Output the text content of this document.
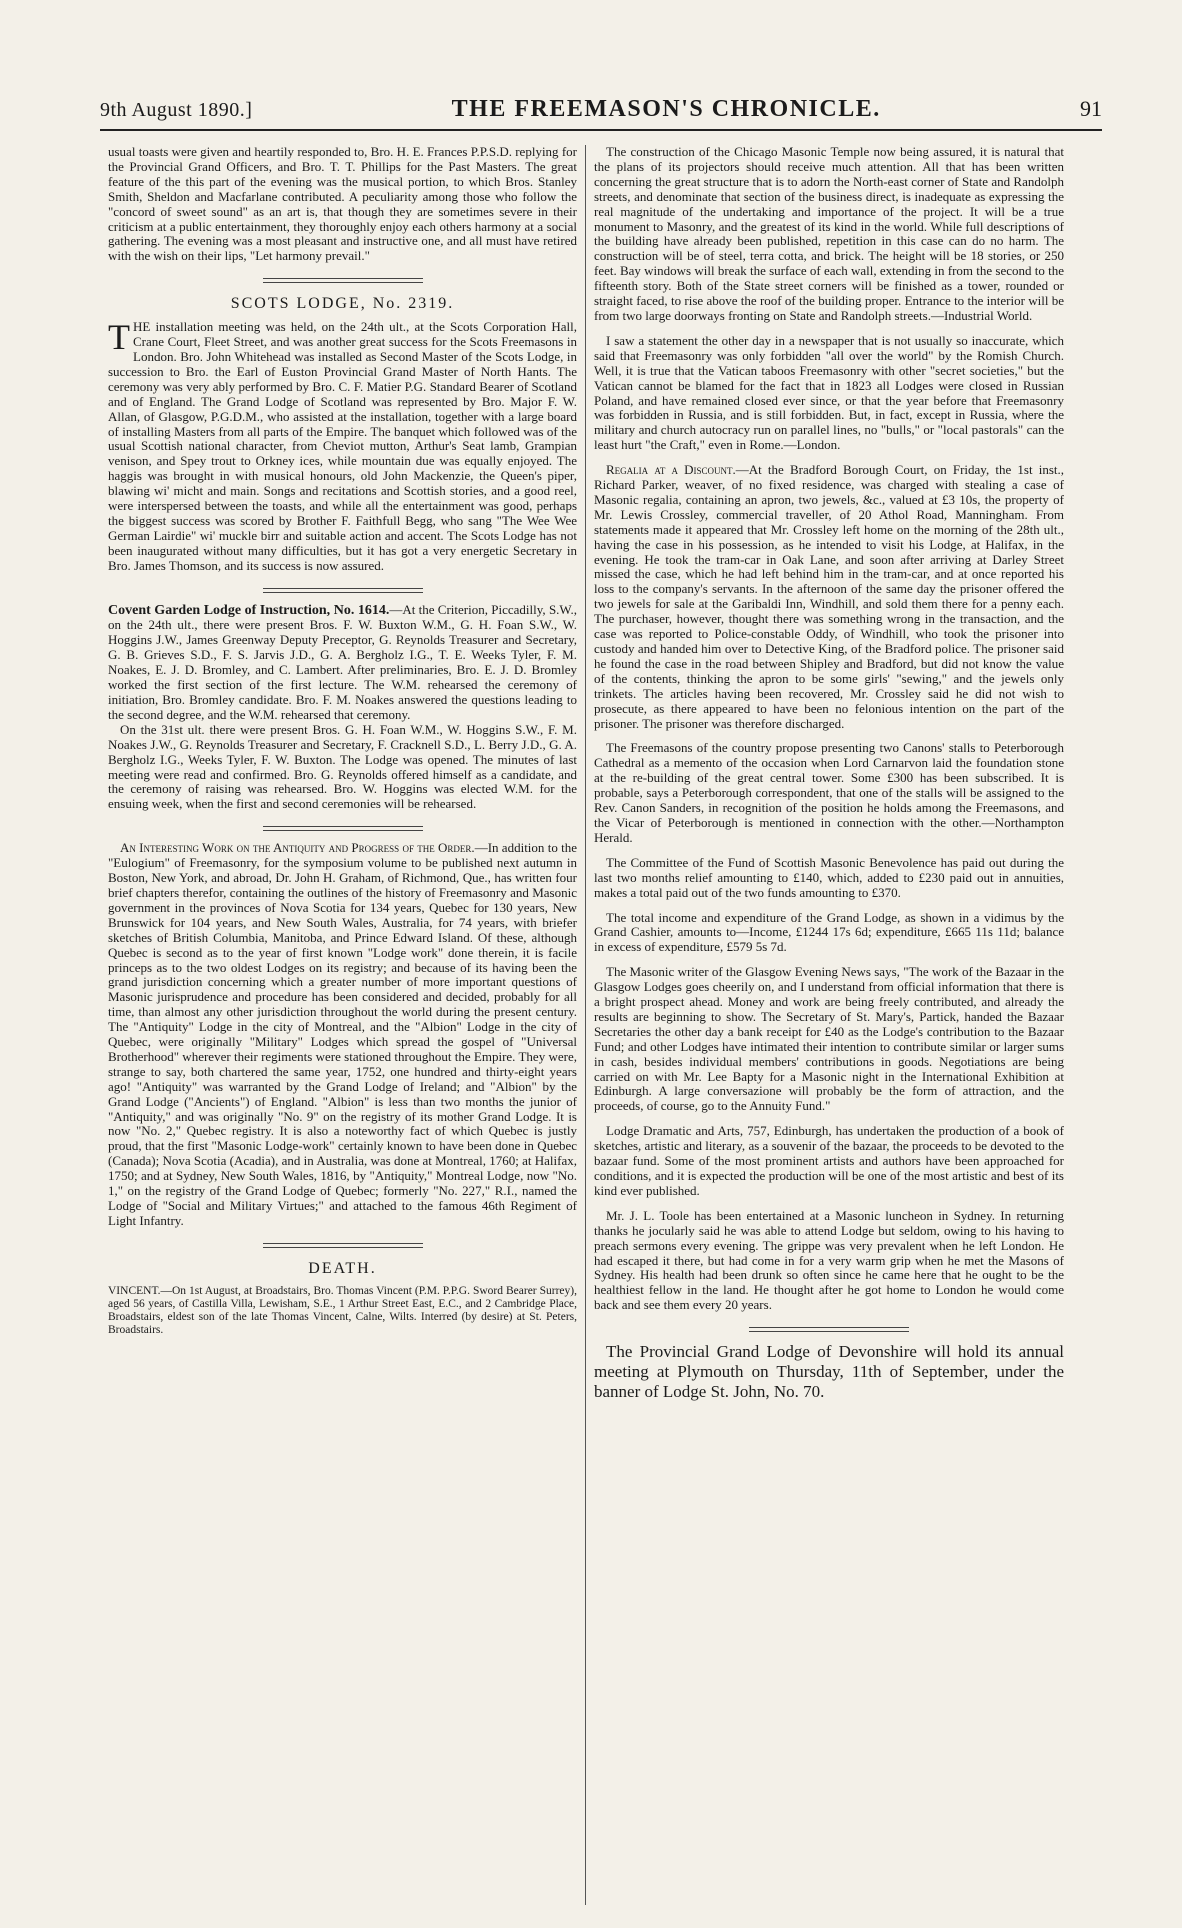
9th August 1890.]	THE FREEMASON'S CHRONICLE.	91

usual toasts were given and heartily responded to, Bro. H. E. Frances P.P.S.D. replying for the Provincial Grand Officers, and Bro. T. T. Phillips for the Past Masters. The great feature of the this part of the evening was the musical portion, to which Bros. Stanley Smith, Sheldon and Macfarlane contributed. A peculiarity among those who follow the "concord of sweet sound" as an art is, that though they are sometimes severe in their criticism at a public entertainment, they thoroughly enjoy each others harmony at a social gathering. The evening was a most pleasant and instructive one, and all must have retired with the wish on their lips, "Let harmony prevail."

SCOTS LODGE, No. 2319.

THE installation meeting was held, on the 24th ult., at the Scots Corporation Hall, Crane Court, Fleet Street, and was another great success for the Scots Freemasons in London. Bro. John Whitehead was installed as Second Master of the Scots Lodge, in succession to Bro. the Earl of Euston Provincial Grand Master of North Hants. The ceremony was very ably performed by Bro. C. F. Matier P.G. Standard Bearer of Scotland and of England. The Grand Lodge of Scotland was represented by Bro. Major F. W. Allan, of Glasgow, P.G.D.M., who assisted at the installation, together with a large board of installing Masters from all parts of the Empire. The banquet which followed was of the usual Scottish national character, from Cheviot mutton, Arthur's Seat lamb, Grampian venison, and Spey trout to Orkney ices, while mountain due was equally enjoyed. The haggis was brought in with musical honours, old John Mackenzie, the Queen's piper, blawing wi' micht and main. Songs and recitations and Scottish stories, and a good reel, were interspersed between the toasts, and while all the entertainment was good, perhaps the biggest success was scored by Brother F. Faithfull Begg, who sang "The Wee Wee German Lairdie" wi' muckle birr and suitable action and accent. The Scots Lodge has not been inaugurated without many difficulties, but it has got a very energetic Secretary in Bro. James Thomson, and its success is now assured.

Covent Garden Lodge of Instruction, No. 1614.—At the Criterion, Piccadilly, S.W., on the 24th ult., there were present Bros. F. W. Buxton W.M., G. H. Foan S.W., W. Hoggins J.W., James Greenway Deputy Preceptor, G. Reynolds Treasurer and Secretary, G. B. Grieves S.D., F. S. Jarvis J.D., G. A. Bergholz I.G., T. E. Weeks Tyler, F. M. Noakes, E. J. D. Bromley, and C. Lambert. After preliminaries, Bro. E. J. D. Bromley worked the first section of the first lecture. The W.M. rehearsed the ceremony of initiation, Bro. Bromley candidate. Bro. F. M. Noakes answered the questions leading to the second degree, and the W.M. rehearsed that ceremony.

On the 31st ult. there were present Bros. G. H. Foan W.M., W. Hoggins S.W., F. M. Noakes J.W., G. Reynolds Treasurer and Secretary, F. Cracknell S.D., L. Berry J.D., G. A. Bergholz I.G., Weeks Tyler, F. W. Buxton. The Lodge was opened. The minutes of last meeting were read and confirmed. Bro. G. Reynolds offered himself as a candidate, and the ceremony of raising was rehearsed. Bro. W. Hoggins was elected W.M. for the ensuing week, when the first and second ceremonies will be rehearsed.

An Interesting Work on the Antiquity and Progress of the Order.—In addition to the "Eulogium" of Freemasonry, for the symposium volume to be published next autumn in Boston, New York, and abroad, Dr. John H. Graham, of Richmond, Que., has written four brief chapters therefor, containing the outlines of the history of Freemasonry and Masonic government in the provinces of Nova Scotia for 134 years, Quebec for 130 years, New Brunswick for 104 years, and New South Wales, Australia, for 74 years, with briefer sketches of British Columbia, Manitoba, and Prince Edward Island. Of these, although Quebec is second as to the year of first known "Lodge work" done therein, it is facile princeps as to the two oldest Lodges on its registry; and because of its having been the grand jurisdiction concerning which a greater number of more important questions of Masonic jurisprudence and procedure has been considered and decided, probably for all time, than almost any other jurisdiction throughout the world during the present century. The "Antiquity" Lodge in the city of Montreal, and the "Albion" Lodge in the city of Quebec, were originally "Military" Lodges which spread the gospel of "Universal Brotherhood" wherever their regiments were stationed throughout the Empire. They were, strange to say, both chartered the same year, 1752, one hundred and thirty-eight years ago! "Antiquity" was warranted by the Grand Lodge of Ireland; and "Albion" by the Grand Lodge ("Ancients") of England. "Albion" is less than two months the junior of "Antiquity," and was originally "No. 9" on the registry of its mother Grand Lodge. It is now "No. 2," Quebec registry. It is also a noteworthy fact of which Quebec is justly proud, that the first "Masonic Lodge-work" certainly known to have been done in Quebec (Canada); Nova Scotia (Acadia), and in Australia, was done at Montreal, 1760; at Halifax, 1750; and at Sydney, New South Wales, 1816, by "Antiquity," Montreal Lodge, now "No. 1," on the registry of the Grand Lodge of Quebec; formerly "No. 227," R.I., named the Lodge of "Social and Military Virtues;" and attached to the famous 46th Regiment of Light Infantry.

DEATH.

VINCENT.—On 1st August, at Broadstairs, Bro. Thomas Vincent (P.M. P.P.G. Sword Bearer Surrey), aged 56 years, of Castilla Villa, Lewisham, S.E., 1 Arthur Street East, E.C., and 2 Cambridge Place, Broadstairs, eldest son of the late Thomas Vincent, Calne, Wilts. Interred (by desire) at St. Peters, Broadstairs.

The construction of the Chicago Masonic Temple now being assured, it is natural that the plans of its projectors should receive much attention. All that has been written concerning the great structure that is to adorn the North-east corner of State and Randolph streets, and denominate that section of the business direct, is inadequate as expressing the real magnitude of the undertaking and importance of the project. It will be a true monument to Masonry, and the greatest of its kind in the world. While full descriptions of the building have already been published, repetition in this case can do no harm. The construction will be of steel, terra cotta, and brick. The height will be 18 stories, or 250 feet. Bay windows will break the surface of each wall, extending in from the second to the fifteenth story. Both of the State street corners will be finished as a tower, rounded or straight faced, to rise above the roof of the building proper. Entrance to the interior will be from two large doorways fronting on State and Randolph streets.—Industrial World.

I saw a statement the other day in a newspaper that is not usually so inaccurate, which said that Freemasonry was only forbidden "all over the world" by the Romish Church. Well, it is true that the Vatican taboos Freemasonry with other "secret societies," but the Vatican cannot be blamed for the fact that in 1823 all Lodges were closed in Russian Poland, and have remained closed ever since, or that the year before that Freemasonry was forbidden in Russia, and is still forbidden. But, in fact, except in Russia, where the military and church autocracy run on parallel lines, no "bulls," or "local pastorals" can the least hurt "the Craft," even in Rome.—London.

Regalia at a Discount.—At the Bradford Borough Court, on Friday, the 1st inst., Richard Parker, weaver, of no fixed residence, was charged with stealing a case of Masonic regalia, containing an apron, two jewels, &c., valued at £3 10s, the property of Mr. Lewis Crossley, commercial traveller, of 20 Athol Road, Manningham. From statements made it appeared that Mr. Crossley left home on the morning of the 28th ult., having the case in his possession, as he intended to visit his Lodge, at Halifax, in the evening. He took the tram-car in Oak Lane, and soon after arriving at Darley Street missed the case, which he had left behind him in the tram-car, and at once reported his loss to the company's servants. In the afternoon of the same day the prisoner offered the two jewels for sale at the Garibaldi Inn, Windhill, and sold them there for a penny each. The purchaser, however, thought there was something wrong in the transaction, and the case was reported to Police-constable Oddy, of Windhill, who took the prisoner into custody and handed him over to Detective King, of the Bradford police. The prisoner said he found the case in the road between Shipley and Bradford, but did not know the value of the contents, thinking the apron to be some girls' "sewing," and the jewels only trinkets. The articles having been recovered, Mr. Crossley said he did not wish to prosecute, as there appeared to have been no felonious intention on the part of the prisoner. The prisoner was therefore discharged.

The Freemasons of the country propose presenting two Canons' stalls to Peterborough Cathedral as a memento of the occasion when Lord Carnarvon laid the foundation stone at the re-building of the great central tower. Some £300 has been subscribed. It is probable, says a Peterborough correspondent, that one of the stalls will be assigned to the Rev. Canon Sanders, in recognition of the position he holds among the Freemasons, and the Vicar of Peterborough is mentioned in connection with the other.—Northampton Herald.

The Committee of the Fund of Scottish Masonic Benevolence has paid out during the last two months relief amounting to £140, which, added to £230 paid out in annuities, makes a total paid out of the two funds amounting to £370.

The total income and expenditure of the Grand Lodge, as shown in a vidimus by the Grand Cashier, amounts to—Income, £1244 17s 6d; expenditure, £665 11s 11d; balance in excess of expenditure, £579 5s 7d.

The Masonic writer of the Glasgow Evening News says, "The work of the Bazaar in the Glasgow Lodges goes cheerily on, and I understand from official information that there is a bright prospect ahead. Money and work are being freely contributed, and already the results are beginning to show. The Secretary of St. Mary's, Partick, handed the Bazaar Secretaries the other day a bank receipt for £40 as the Lodge's contribution to the Bazaar Fund; and other Lodges have intimated their intention to contribute similar or larger sums in cash, besides individual members' contributions in goods. Negotiations are being carried on with Mr. Lee Bapty for a Masonic night in the International Exhibition at Edinburgh. A large conversazione will probably be the form of attraction, and the proceeds, of course, go to the Annuity Fund."

Lodge Dramatic and Arts, 757, Edinburgh, has undertaken the production of a book of sketches, artistic and literary, as a souvenir of the bazaar, the proceeds to be devoted to the bazaar fund. Some of the most prominent artists and authors have been approached for conditions, and it is expected the production will be one of the most artistic and best of its kind ever published.

Mr. J. L. Toole has been entertained at a Masonic luncheon in Sydney. In returning thanks he jocularly said he was able to attend Lodge but seldom, owing to his having to preach sermons every evening. The grippe was very prevalent when he left London. He had escaped it there, but had come in for a very warm grip when he met the Masons of Sydney. His health had been drunk so often since he came here that he ought to be the healthiest fellow in the land. He thought after he got home to London he would come back and see them every 20 years.

The Provincial Grand Lodge of Devonshire will hold its annual meeting at Plymouth on Thursday, 11th of September, under the banner of Lodge St. John, No. 70.
